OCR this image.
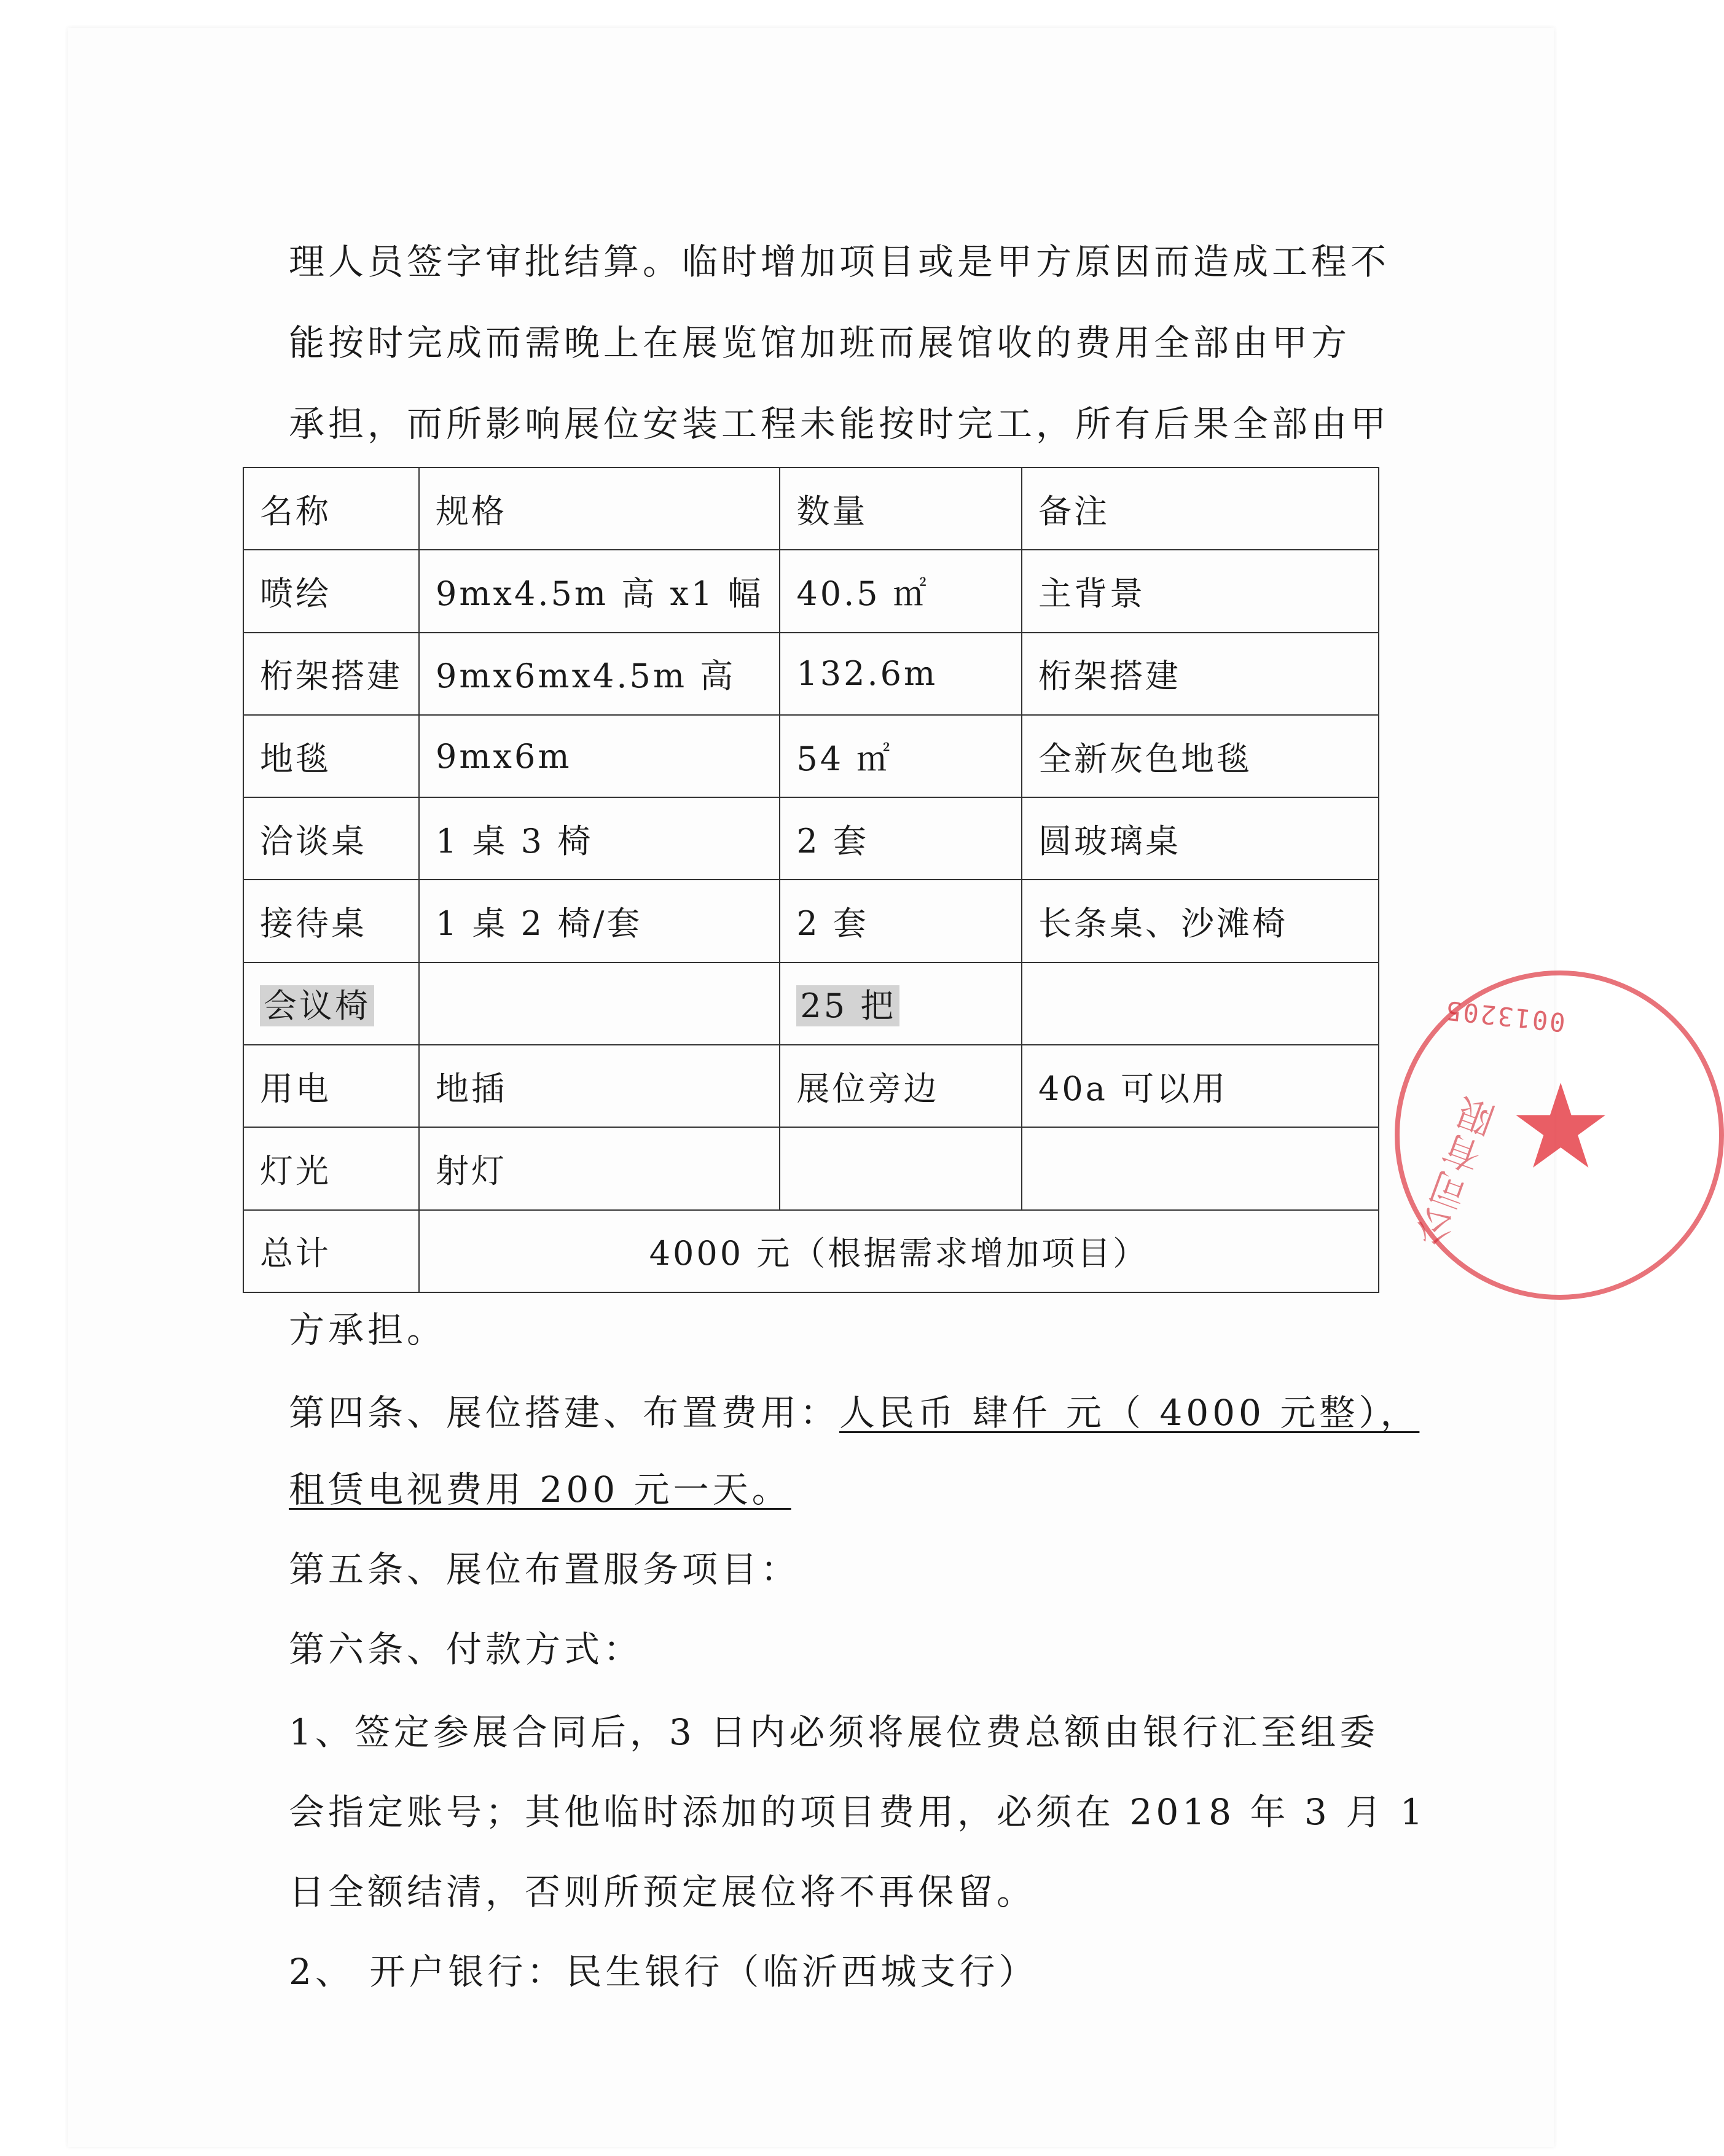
理人员签字审批结算。临时增加项目或是甲方原因而造成工程不
能按时完成而需晚上在展览馆加班而展馆收的费用全部由甲方
承担，而所影响展位安装工程未能按时完工，所有后果全部由甲
名称	规格	数量	备注
喷绘	9mx4.5m 高 x1 幅	40.5 ㎡	主背景
桁架搭建	9mx6mx4.5m 高	132.6m	桁架搭建
地毯	9mx6m	54 ㎡	全新灰色地毯
洽谈桌	1 桌 3 椅	2 套	圆玻璃桌
接待桌	1 桌 2 椅/套	2 套	长条桌、沙滩椅
会议椅		25 把	
用电	地插	展位旁边	40a 可以用
灯光	射灯		
总计	4000 元（根据需求增加项目）		
方承担。
第四条、展位搭建、布置费用：人民币 肆仟 元（ 4000 元整），
租赁电视费用 200 元一天。
第五条、展位布置服务项目：
第六条、付款方式：
1、签定参展合同后，3 日内必须将展位费总额由银行汇至组委
会指定账号；其他临时添加的项目费用，必须在 2018 年 3 月 1
日全额结清，否则所预定展位将不再保留。
2、 开户银行：民生银行（临沂西城支行）
0013205
★
公司有限
